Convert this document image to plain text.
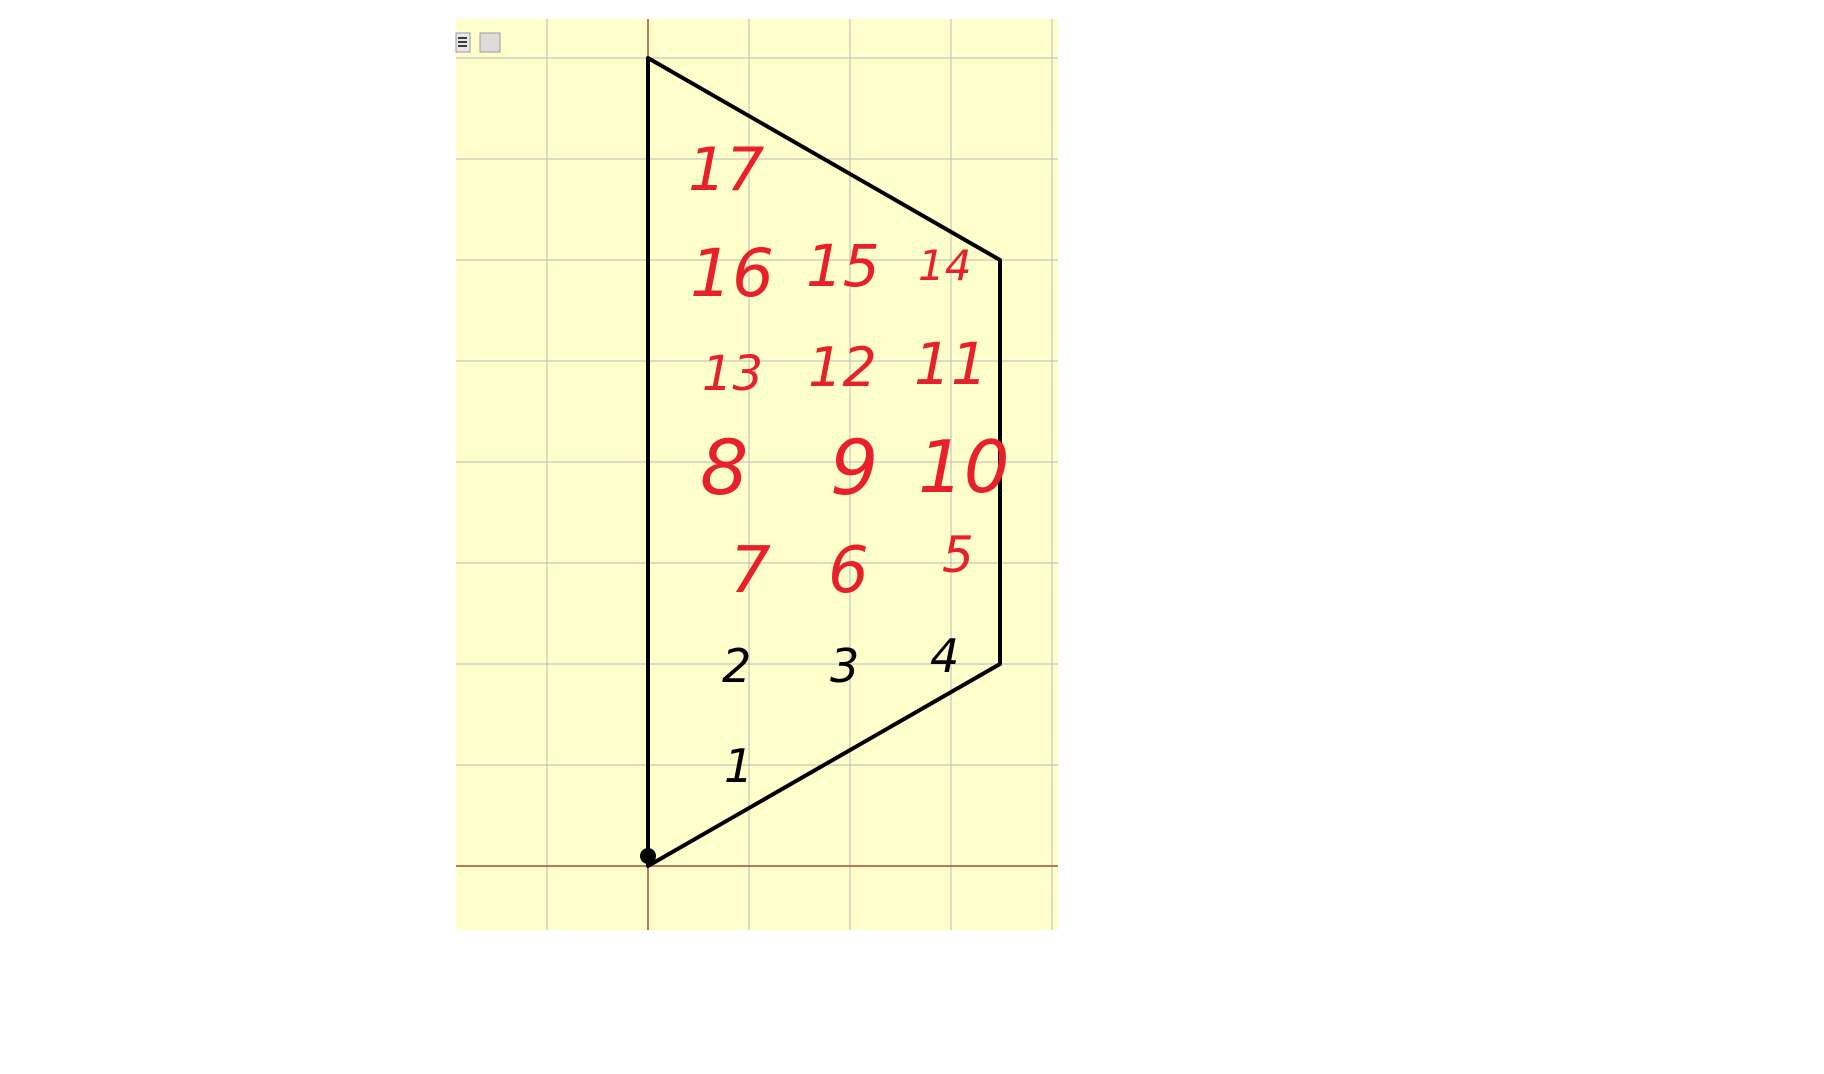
1
2 3 4
5
6
7
8 9 10
11
12
13
14
15
16
17
